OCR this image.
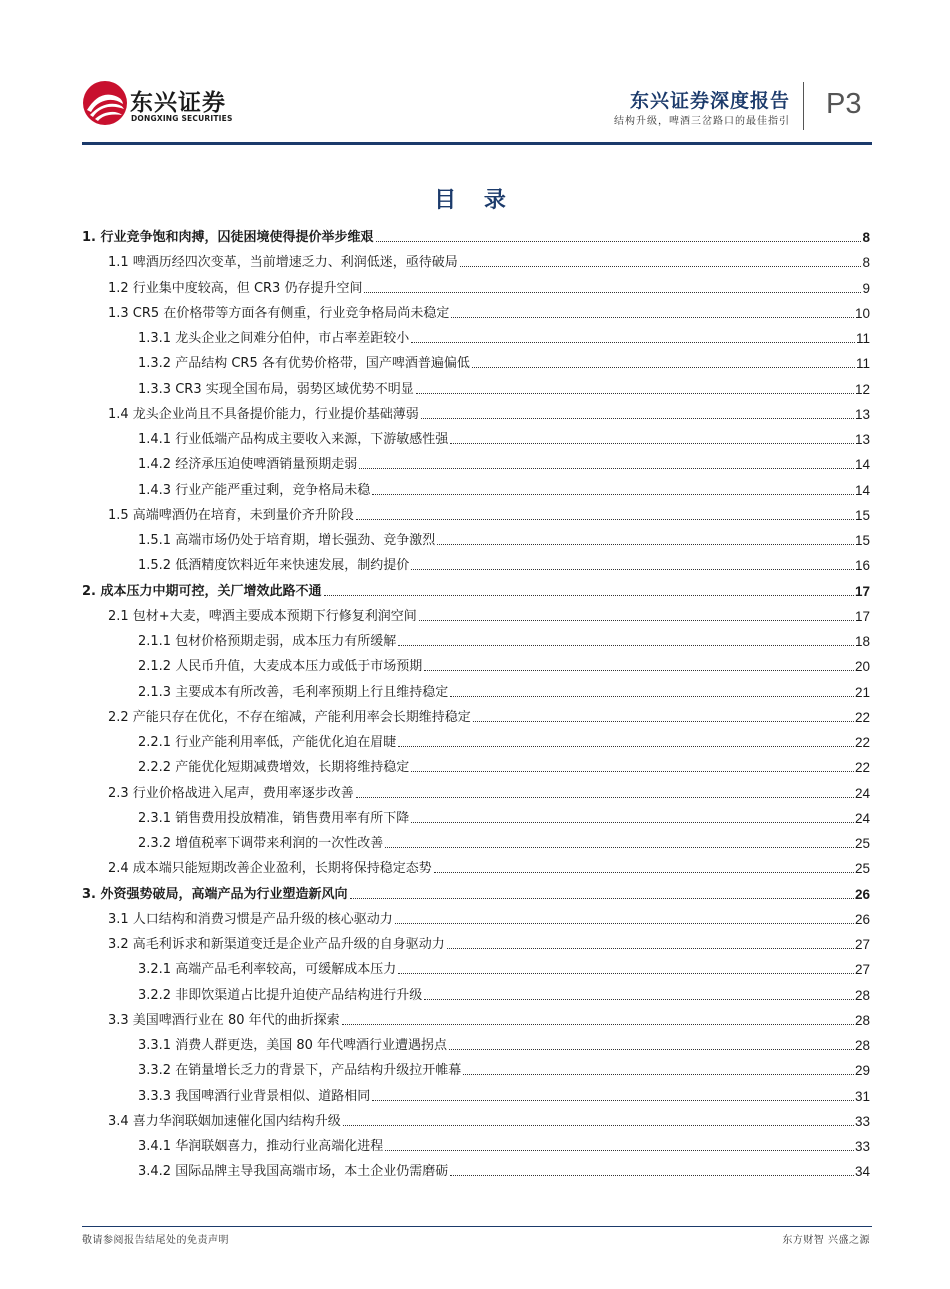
东兴证券
DONGXING SECURITIES
东兴证券深度报告
结构升级，啤酒三岔路口的最佳指引
P3
目 录
1. 行业竞争饱和肉搏，囚徒困境使得提价举步维艰	8
1.1 啤酒历经四次变革，当前增速乏力、利润低迷，亟待破局	8
1.2 行业集中度较高，但 CR3 仍存提升空间	9
1.3 CR5 在价格带等方面各有侧重，行业竞争格局尚未稳定	10
1.3.1 龙头企业之间难分伯仲，市占率差距较小	11
1.3.2 产品结构 CR5 各有优势价格带，国产啤酒普遍偏低	11
1.3.3 CR3 实现全国布局，弱势区域优势不明显	12
1.4 龙头企业尚且不具备提价能力，行业提价基础薄弱	13
1.4.1 行业低端产品构成主要收入来源，下游敏感性强	13
1.4.2 经济承压迫使啤酒销量预期走弱	14
1.4.3 行业产能严重过剩，竞争格局未稳	14
1.5 高端啤酒仍在培育，未到量价齐升阶段	15
1.5.1 高端市场仍处于培育期，增长强劲、竞争激烈	15
1.5.2 低酒精度饮料近年来快速发展，制约提价	16
2. 成本压力中期可控，关厂增效此路不通	17
2.1 包材+大麦，啤酒主要成本预期下行修复利润空间	17
2.1.1 包材价格预期走弱，成本压力有所缓解	18
2.1.2 人民币升值，大麦成本压力或低于市场预期	20
2.1.3 主要成本有所改善，毛利率预期上行且维持稳定	21
2.2 产能只存在优化，不存在缩减，产能利用率会长期维持稳定	22
2.2.1 行业产能利用率低，产能优化迫在眉睫	22
2.2.2 产能优化短期减费增效，长期将维持稳定	22
2.3 行业价格战进入尾声，费用率逐步改善	24
2.3.1 销售费用投放精准，销售费用率有所下降	24
2.3.2 增值税率下调带来利润的一次性改善	25
2.4 成本端只能短期改善企业盈利，长期将保持稳定态势	25
3. 外资强势破局，高端产品为行业塑造新风向	26
3.1 人口结构和消费习惯是产品升级的核心驱动力	26
3.2 高毛利诉求和新渠道变迁是企业产品升级的自身驱动力	27
3.2.1 高端产品毛利率较高，可缓解成本压力	27
3.2.2 非即饮渠道占比提升迫使产品结构进行升级	28
3.3 美国啤酒行业在 80 年代的曲折探索	28
3.3.1 消费人群更迭，美国 80 年代啤酒行业遭遇拐点	28
3.3.2 在销量增长乏力的背景下，产品结构升级拉开帷幕	29
3.3.3 我国啤酒行业背景相似、道路相同	31
3.4 喜力华润联姻加速催化国内结构升级	33
3.4.1 华润联姻喜力，推动行业高端化进程	33
3.4.2 国际品牌主导我国高端市场，本土企业仍需磨砺	34
敬请参阅报告结尾处的免责声明	东方财智 兴盛之源
